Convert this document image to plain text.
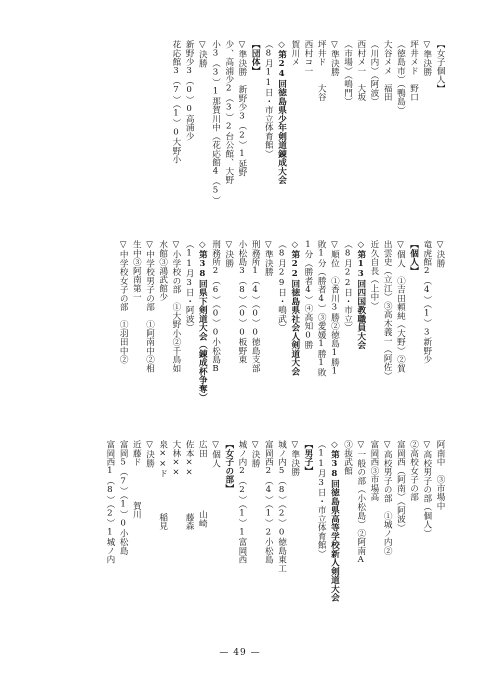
【女子個人】
▽準決勝
坪井メド　野口
（徳島市）（鴨島）
大谷メメ　福田
（川内）（阿波）
西村メ一　大坂
（市場）（鳴門）
▽準決勝
坪井ド　　大谷
西村コ一　　
賀川メ　　
◇第24回徳島県少年剣道錬成大会
（8月11日・市立体育館）
【団体】
▽準決勝　新野少3（2）1延野
少、高浦少2（3）2台公館、大野
小3（3）1那賀川中（花応館4（5）
▽決勝
新野少3（0）0高浦少
花応館3（7）（1）0大野小
▽決勝
竜虎館2（4）（1）3新野少
【個人】
▽個人　①吉田頼純（大野）②賀
出雲史（立江）③高木義一（阿佐）
近久自長（上中）
◇第13回四国教職員大会
（8月22日・市立）
▽順位　①香川3勝②徳島1勝1
敗1分（勝者4）③愛媛1勝1敗
1分（勝者4）④高知0勝
◇第22回徳島県社会人剣道大会
（8月29日・鳴武）
▽準決勝
刑務所1（4）（0）0徳島支部
小松島3（8）（0）0板野東
▽決勝
刑務所2（6）（0）0小松島B
◇第38回県下剣道大会（錬成杯争奪）
（11月3日・阿波）
▽小学校の部　①大野小②千鳥如
水館③鴻武館少
▽中学校男子の部　①阿南中②相
生中③阿南第一
▽中学校女子の部　①羽田中②
阿南中　③市場中
▽高校男子の部（個人）
②高校女子の部
富岡西（阿南）（阿波）
▽高校男子の部　①城ノ内②
富岡西③市場高
▽一般の部（小松島）②阿南A
③抜武館
◇第38回徳島県高等学校新人剣道大会
（11月3日・市立体育館）
【男子】
▽準決勝
城ノ内5（8）（2）0徳島東工
富岡西2（4）（1）2小松島
▽決勝
城ノ内2（2）（1）1富岡西
【女子の部】
▽個人
広田　　　　　　山崎
佐本××　　　　藤森
大林××　　　　
泉××ド　　　　稲見
▽決勝
近藤ド　　　　賀川
富岡5（7）（1）0小松島
富岡西1（8）（2）1城ノ内
— 49 —
